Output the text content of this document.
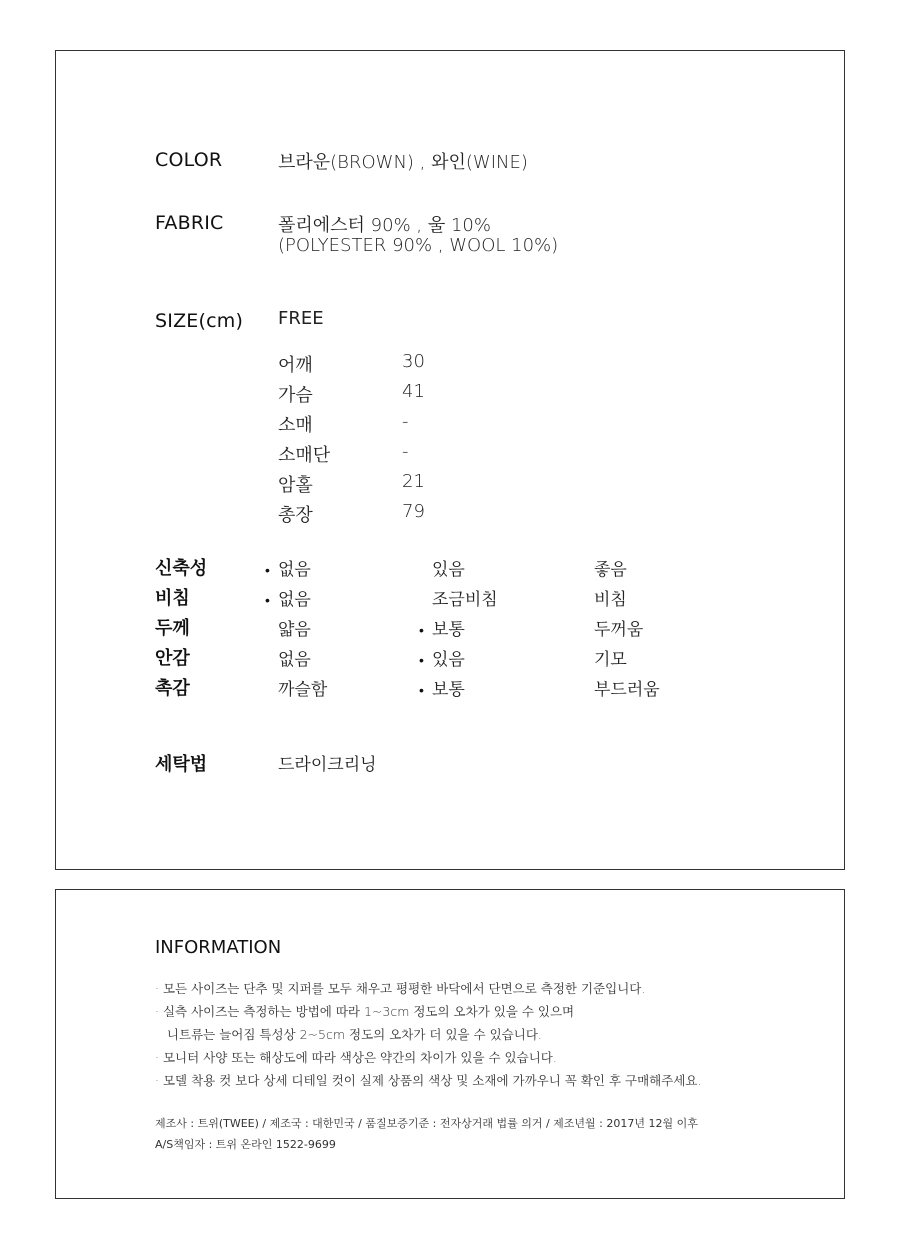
COLOR	브라운(BROWN) , 와인(WINE)
FABRIC	폴리에스터 90% , 울 10%
(POLYESTER 90% , WOOL 10%)
SIZE(cm) FREE
어깨	30
가슴	41
소매	-
소매단	-
암홀	21
총장	79
신축성	• 없음	있음	좋음
비침	• 없음	조금비침	비침
두께	얇음	• 보통	두꺼움
안감	없음	• 있음	기모
촉감	까슬함	• 보통	부드러움
세탁법	드라이크리닝
INFORMATION
· 모든 사이즈는 단추 및 지퍼를 모두 채우고 평평한 바닥에서 단면으로 측정한 기준입니다.
· 실측 사이즈는 측정하는 방법에 따라 1~3cm 정도의 오차가 있을 수 있으며
니트류는 늘어짐 특성상 2~5cm 정도의 오차가 더 있을 수 있습니다.
· 모니터 사양 또는 해상도에 따라 색상은 약간의 차이가 있을 수 있습니다.
· 모델 착용 컷 보다 상세 디테일 컷이 실제 상품의 색상 및 소재에 가까우니 꼭 확인 후 구매해주세요.
제조사 : 트위(TWEE) / 제조국 : 대한민국 / 품질보증기준 : 전자상거래 법률 의거 / 제조년월 : 2017년 12월 이후
A/S책임자 : 트위 온라인 1522-9699
